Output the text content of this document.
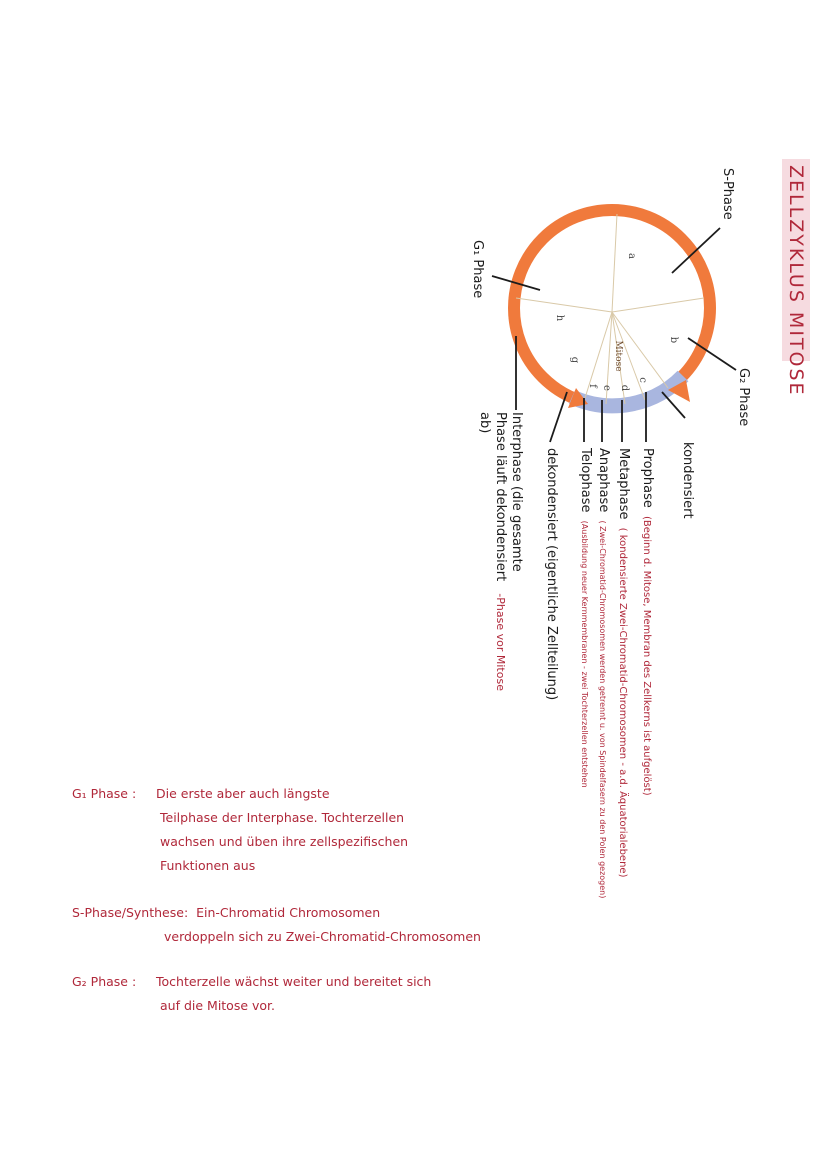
ZELLZYKLUS MITOSE
Mitose
a
b
c
d
e
f
g
h
S-Phase
G₂ Phase
G₁ Phase
kondensiert
Prophase (Beginn d. Mitose, Membran des Zellkerns ist aufgelöst)
Metaphase ( kondensierte Zwei-Chromatid-Chromosomen - a.d. Äquatorialebene)
Anaphase ( Zwei-Chromatid-Chromosomen werden getrennt u. von Spindelfasern zu den Polen gezogen)
Telophase (Ausbildung neuer Kernmembranen - zwei Tochterzellen entstehen
dekondensiert (eigentliche Zellteilung)
Interphase (die gesamte
Phase läuft dekondensiert -Phase vor Mitose
ab)
G₁ Phase : Die erste aber auch längste
Teilphase der Interphase. Tochterzellen
wachsen und üben ihre zellspezifischen
Funktionen aus
S-Phase/Synthese: Ein-Chromatid Chromosomen
verdoppeln sich zu Zwei-Chromatid-Chromosomen
G₂ Phase : Tochterzelle wächst weiter und bereitet sich
auf die Mitose vor.
